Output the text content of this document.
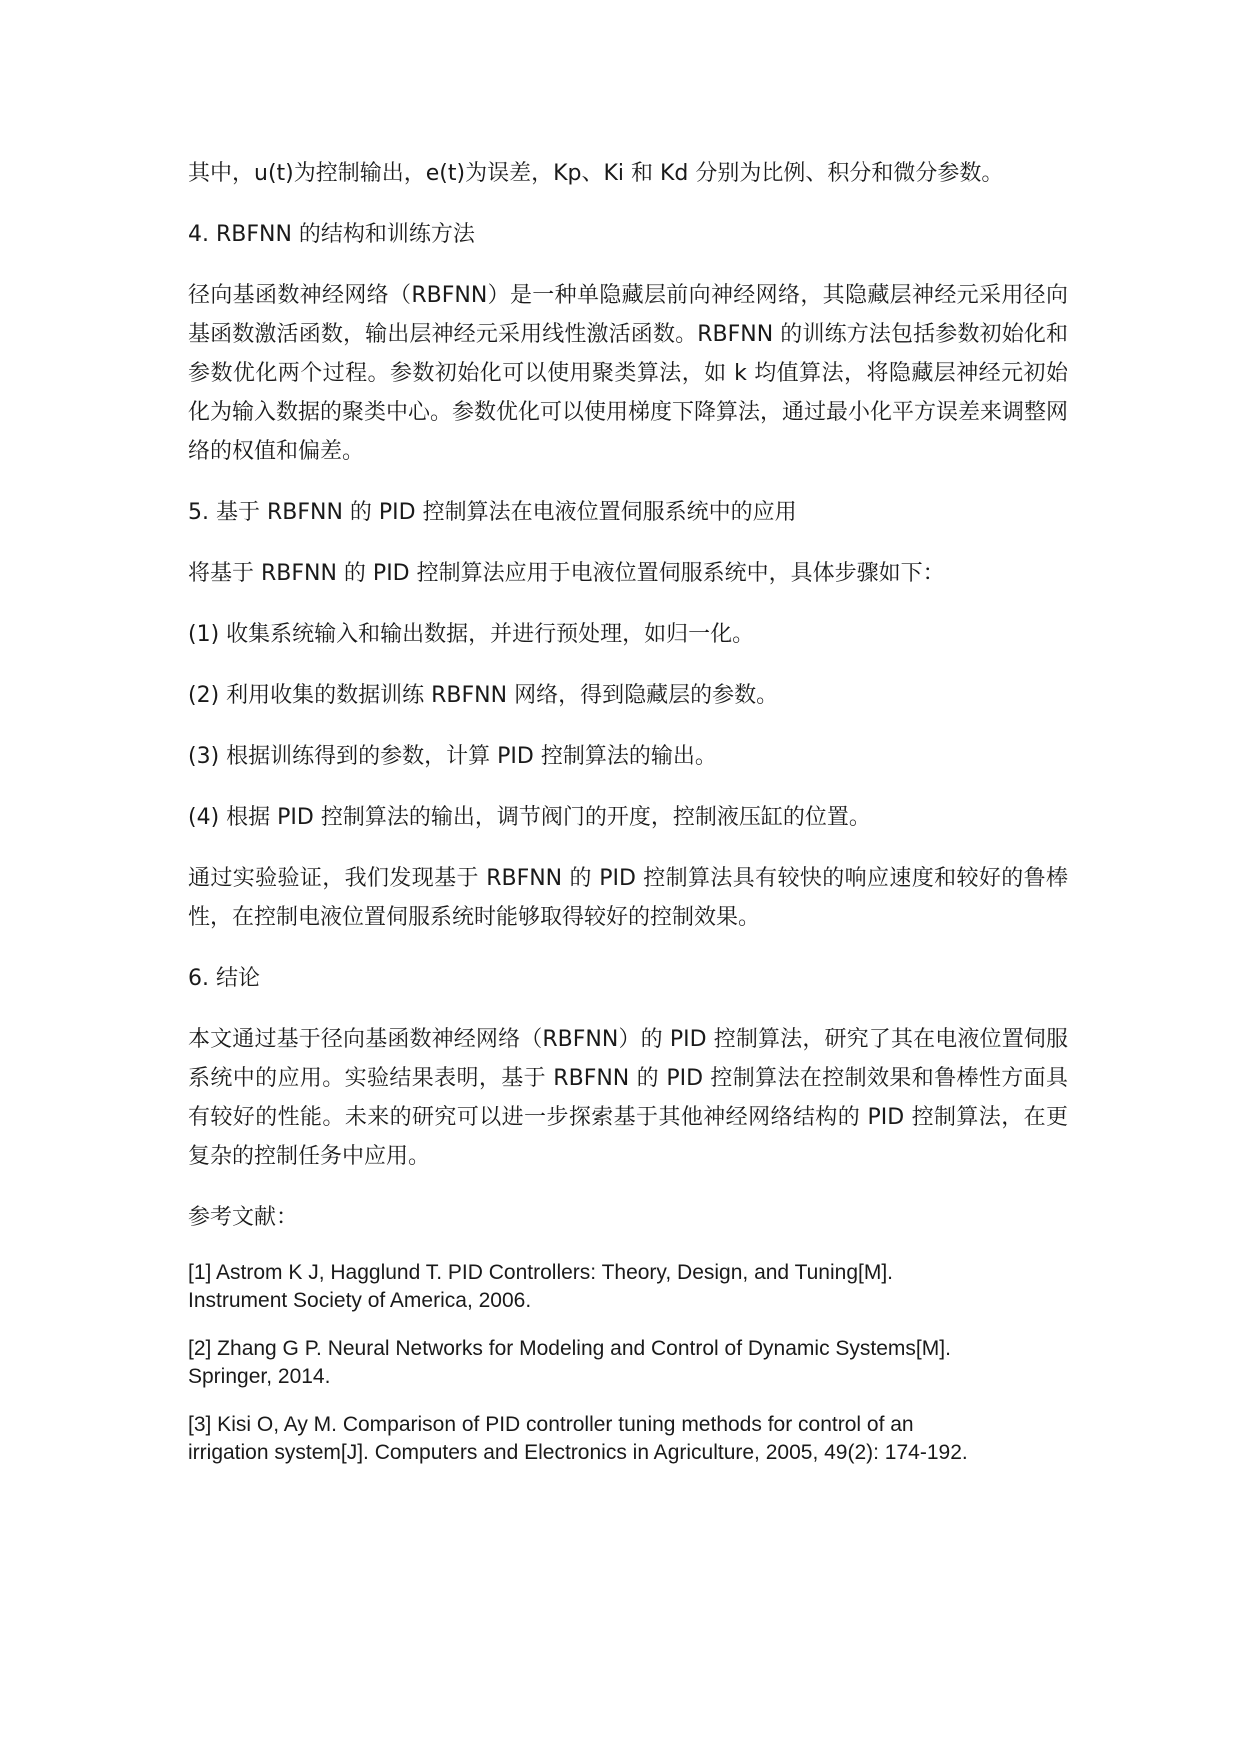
其中，u(t)为控制输出，e(t)为误差，Kp、Ki 和 Kd 分别为比例、积分和微分参数。

4. RBFNN 的结构和训练方法

径向基函数神经网络（RBFNN）是一种单隐藏层前向神经网络，其隐藏层神经元采用径向基函数激活函数，输出层神经元采用线性激活函数。RBFNN 的训练方法包括参数初始化和参数优化两个过程。参数初始化可以使用聚类算法，如 k 均值算法，将隐藏层神经元初始化为输入数据的聚类中心。参数优化可以使用梯度下降算法，通过最小化平方误差来调整网络的权值和偏差。

5. 基于 RBFNN 的 PID 控制算法在电液位置伺服系统中的应用

将基于 RBFNN 的 PID 控制算法应用于电液位置伺服系统中，具体步骤如下：

(1) 收集系统输入和输出数据，并进行预处理，如归一化。

(2) 利用收集的数据训练 RBFNN 网络，得到隐藏层的参数。

(3) 根据训练得到的参数，计算 PID 控制算法的输出。

(4) 根据 PID 控制算法的输出，调节阀门的开度，控制液压缸的位置。

通过实验验证，我们发现基于 RBFNN 的 PID 控制算法具有较快的响应速度和较好的鲁棒性，在控制电液位置伺服系统时能够取得较好的控制效果。

6. 结论

本文通过基于径向基函数神经网络（RBFNN）的 PID 控制算法，研究了其在电液位置伺服系统中的应用。实验结果表明，基于 RBFNN 的 PID 控制算法在控制效果和鲁棒性方面具有较好的性能。未来的研究可以进一步探索基于其他神经网络结构的 PID 控制算法，在更复杂的控制任务中应用。

参考文献：

[1] Astrom K J, Hagglund T. PID Controllers: Theory, Design, and Tuning[M].
Instrument Society of America, 2006.
[2] Zhang G P. Neural Networks for Modeling and Control of Dynamic Systems[M].
Springer, 2014.
[3] Kisi O, Ay M. Comparison of PID controller tuning methods for control of an
irrigation system[J]. Computers and Electronics in Agriculture, 2005, 49(2): 174-192.
